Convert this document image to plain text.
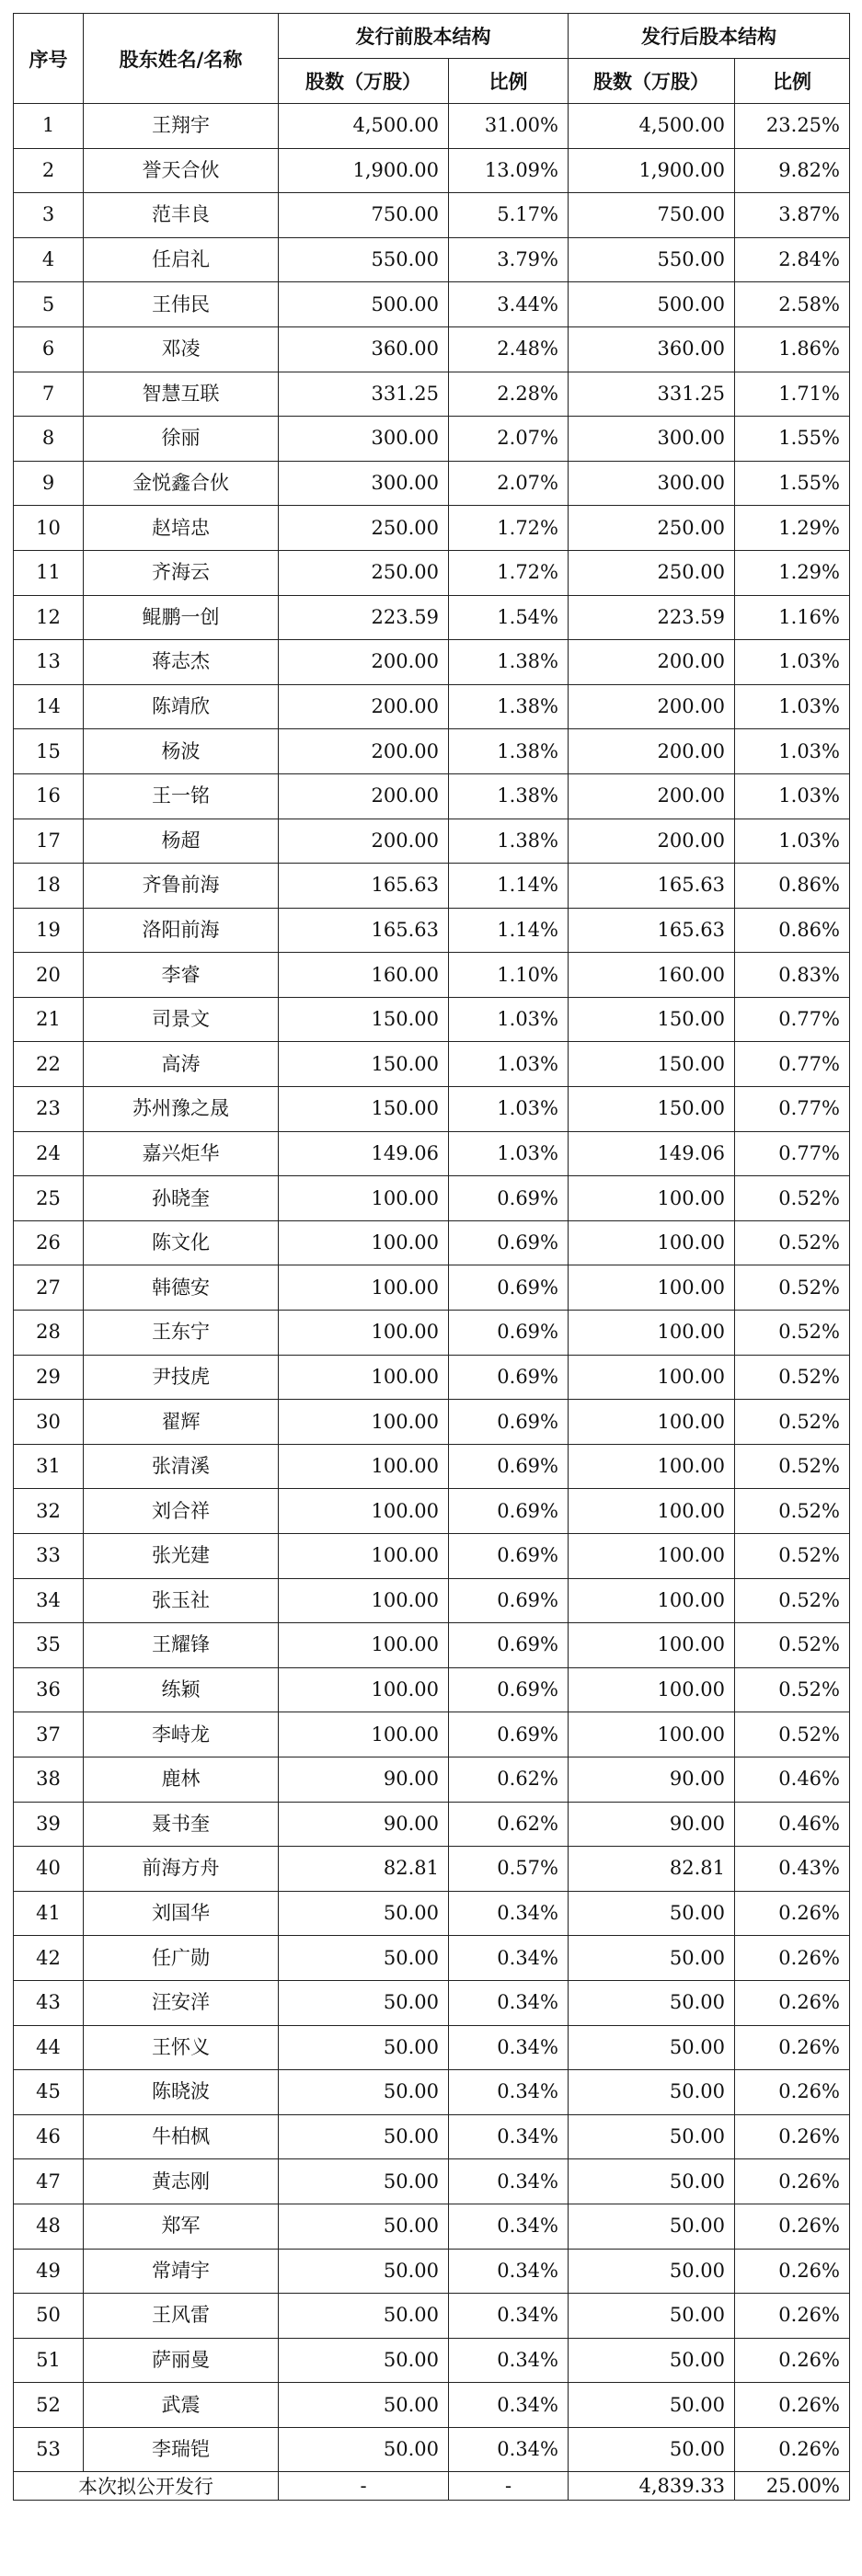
序号	股东姓名/名称	发行前股本结构		发行后股本结构	
		股数（万股）	比例	股数（万股）	比例
1	王翔宇	4,500.00	31.00%	4,500.00	23.25%
2	誉天合伙	1,900.00	13.09%	1,900.00	9.82%
3	范丰良	750.00	5.17%	750.00	3.87%
4	任启礼	550.00	3.79%	550.00	2.84%
5	王伟民	500.00	3.44%	500.00	2.58%
6	邓凌	360.00	2.48%	360.00	1.86%
7	智慧互联	331.25	2.28%	331.25	1.71%
8	徐丽	300.00	2.07%	300.00	1.55%
9	金悦鑫合伙	300.00	2.07%	300.00	1.55%
10	赵培忠	250.00	1.72%	250.00	1.29%
11	齐海云	250.00	1.72%	250.00	1.29%
12	鲲鹏一创	223.59	1.54%	223.59	1.16%
13	蒋志杰	200.00	1.38%	200.00	1.03%
14	陈靖欣	200.00	1.38%	200.00	1.03%
15	杨波	200.00	1.38%	200.00	1.03%
16	王一铭	200.00	1.38%	200.00	1.03%
17	杨超	200.00	1.38%	200.00	1.03%
18	齐鲁前海	165.63	1.14%	165.63	0.86%
19	洛阳前海	165.63	1.14%	165.63	0.86%
20	李睿	160.00	1.10%	160.00	0.83%
21	司景文	150.00	1.03%	150.00	0.77%
22	高涛	150.00	1.03%	150.00	0.77%
23	苏州豫之晟	150.00	1.03%	150.00	0.77%
24	嘉兴炬华	149.06	1.03%	149.06	0.77%
25	孙晓奎	100.00	0.69%	100.00	0.52%
26	陈文化	100.00	0.69%	100.00	0.52%
27	韩德安	100.00	0.69%	100.00	0.52%
28	王东宁	100.00	0.69%	100.00	0.52%
29	尹技虎	100.00	0.69%	100.00	0.52%
30	翟辉	100.00	0.69%	100.00	0.52%
31	张清溪	100.00	0.69%	100.00	0.52%
32	刘合祥	100.00	0.69%	100.00	0.52%
33	张光建	100.00	0.69%	100.00	0.52%
34	张玉社	100.00	0.69%	100.00	0.52%
35	王耀锋	100.00	0.69%	100.00	0.52%
36	练颖	100.00	0.69%	100.00	0.52%
37	李峙龙	100.00	0.69%	100.00	0.52%
38	鹿林	90.00	0.62%	90.00	0.46%
39	聂书奎	90.00	0.62%	90.00	0.46%
40	前海方舟	82.81	0.57%	82.81	0.43%
41	刘国华	50.00	0.34%	50.00	0.26%
42	任广勋	50.00	0.34%	50.00	0.26%
43	汪安洋	50.00	0.34%	50.00	0.26%
44	王怀义	50.00	0.34%	50.00	0.26%
45	陈晓波	50.00	0.34%	50.00	0.26%
46	牛柏枫	50.00	0.34%	50.00	0.26%
47	黄志刚	50.00	0.34%	50.00	0.26%
48	郑军	50.00	0.34%	50.00	0.26%
49	常靖宇	50.00	0.34%	50.00	0.26%
50	王风雷	50.00	0.34%	50.00	0.26%
51	萨丽曼	50.00	0.34%	50.00	0.26%
52	武震	50.00	0.34%	50.00	0.26%
53	李瑞铠	50.00	0.34%	50.00	0.26%
本次拟公开发行		-	-	4,839.33	25.00%
